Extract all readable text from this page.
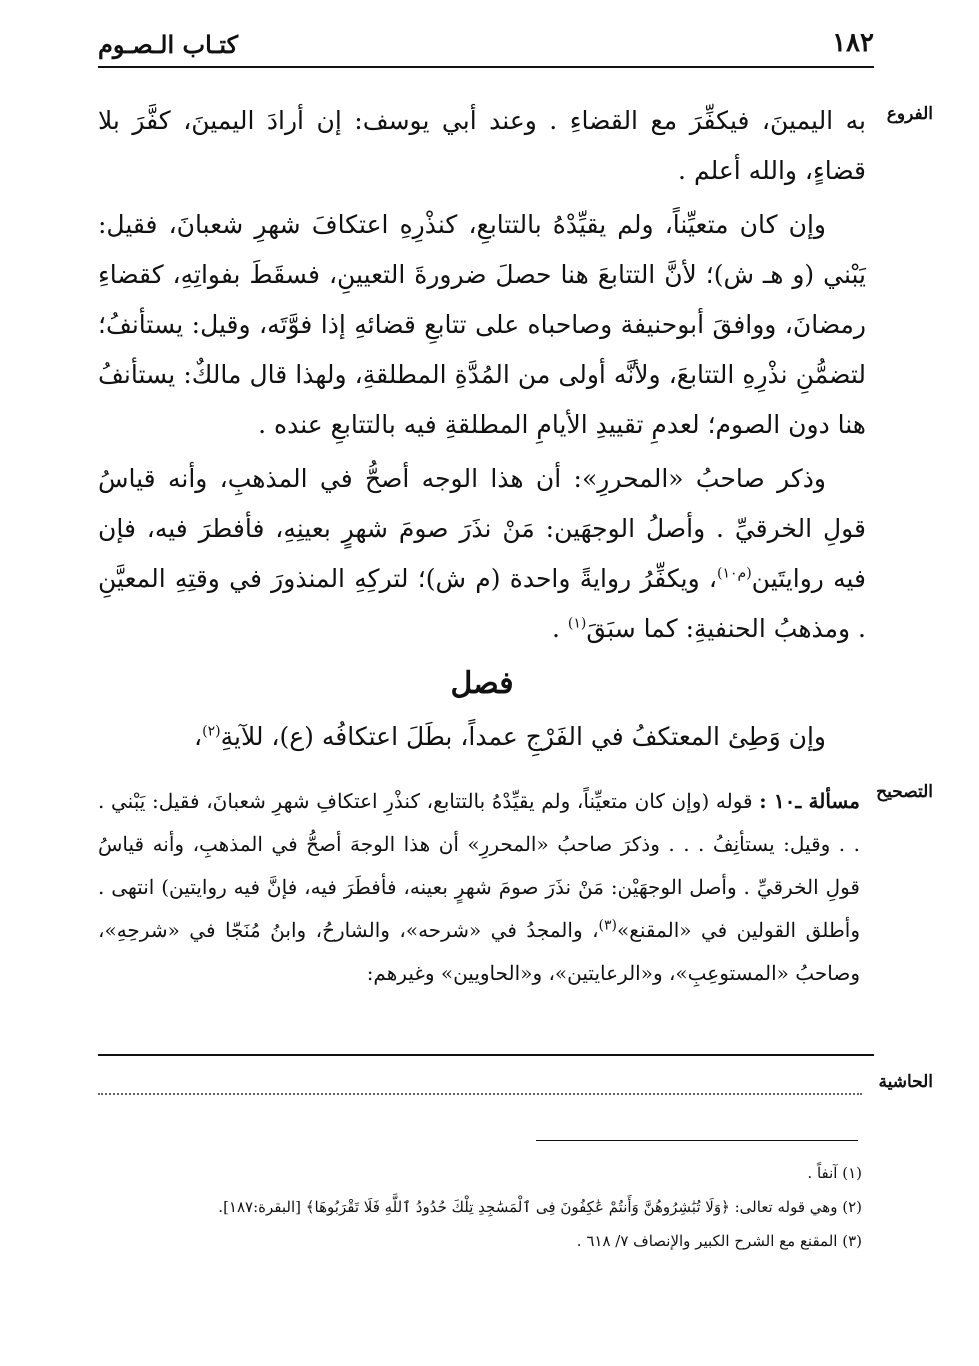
١٨٢
كتـاب الـصـوم
الفروع

به اليمينَ، فيكفِّرَ مع القضاءِ . وعند أبي يوسف: إن أرادَ اليمينَ، كفَّرَ بلا قضاءٍ، والله أعلم .

وإن كان متعيِّناً، ولم يقيِّدْهُ بالتتابعِ، كنذْرِهِ اعتكافَ شهرِ شعبانَ، فقيل: يَبْني (و هـ ش)؛ لأنَّ التتابعَ هنا حصلَ ضرورةَ التعيينِ، فسقَطَ بفواتِهِ، كقضاءِ رمضانَ، ووافقَ أبوحنيفة وصاحباه على تتابعِ قضائهِ إذا فوَّتَه، وقيل: يستأنفُ؛ لتضمُّنِ نذْرِهِ التتابعَ، ولأنَّه أولى من المُدَّةِ المطلقةِ، ولهذا قال مالكٌ: يستأنفُ هنا دون الصوم؛ لعدمِ تقييدِ الأيامِ المطلقةِ فيه بالتتابعِ عنده .

وذكر صاحبُ «المحررِ»: أن هذا الوجه أصحُّ في المذهبِ، وأنه قياسُ قولِ الخرقيِّ . وأصلُ الوجهَين: مَنْ نذَرَ صومَ شهرٍ بعينِهِ، فأفطرَ فيه، فإن فيه روايتَين$^{(م١٠)}$، ويكفِّرُ روايةً واحدة (م ش)؛ لتركِهِ المنذورَ في وقتِهِ المعيَّنِ . ومذهبُ الحنفيةِ: كما سبَقَ$^{(١)}$ .

فصل

وإن وَطِئ المعتكفُ في الفَرْجِ عمداً، بطَلَ اعتكافُه (ع)، للآيةِ$^{(٢)}$،

التصحيح
مسألة ـ١٠ : قوله (وإن كان متعيِّناً، ولم يقيِّدْهُ بالتتابع، كنذْرِ اعتكافِ شهرِ شعبانَ، فقيل: يَبْني . . . وقيل: يستأنِفُ . . . وذكرَ صاحبُ «المحررِ» أن هذا الوجهَ أصحُّ في المذهبِ، وأنه قياسُ قولِ الخرقيِّ . وأصل الوجهَيْن: مَنْ نذَرَ صومَ شهرٍ بعينه، فأفطَرَ فيه، فإنَّ فيه روايتين) انتهى . وأطلق القولين في «المقنع»$^{(٣)}$، والمجدُ في «شرحه»، والشارحُ، وابنُ مُنَجّا في «شرحِهِ»، وصاحبُ «المستوعِبِ»، و«الرعايتين»، و«الحاويين» وغيرهم:
الحاشية
(١) آنفاً .
(٢) وهي قوله تعالى: ﴿وَلَا تُبَٰشِرُوهُنَّ وَأَنتُمْ عَٰكِفُونَ فِى ٱلْمَسَٰجِدِ تِلْكَ حُدُودُ ٱللَّهِ فَلَا تَقْرَبُوهَا﴾ [البقرة:١٨٧].
(٣) المقنع مع الشرح الكبير والإنصاف ٧/ ٦١٨ .
